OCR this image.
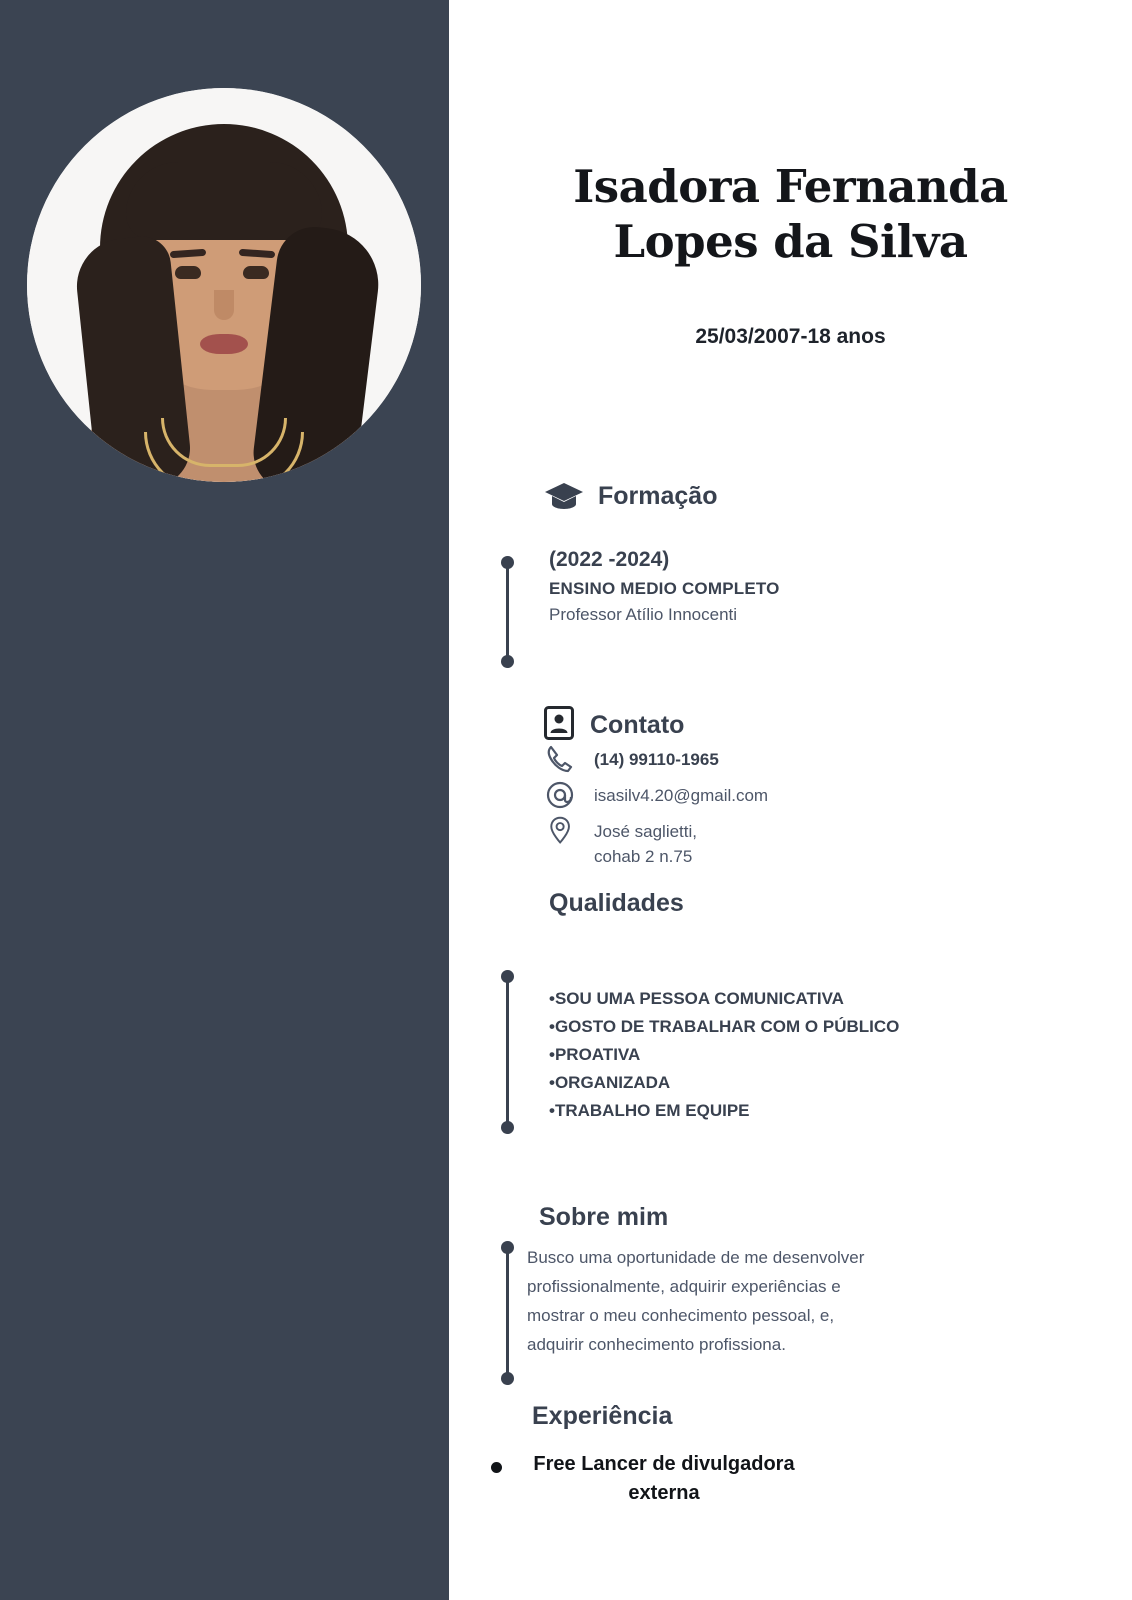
Isadora Fernanda
Lopes da Silva
25/03/2007-18 anos
Formação
(2022 -2024)
ENSINO MEDIO COMPLETO
Professor Atílio Innocenti
Contato
(14) 99110-1965
isasilv4.20@gmail.com
José saglietti,
cohab 2 n.75
Qualidades
•SOU UMA PESSOA COMUNICATIVA
•GOSTO DE TRABALHAR COM O PÚBLICO
•PROATIVA
•ORGANIZADA
•TRABALHO EM EQUIPE
Sobre mim
Busco uma oportunidade de me desenvolver profissionalmente, adquirir experiências e mostrar o meu conhecimento pessoal, e, adquirir conhecimento profissiona.
Experiência
Free Lancer de divulgadora externa
